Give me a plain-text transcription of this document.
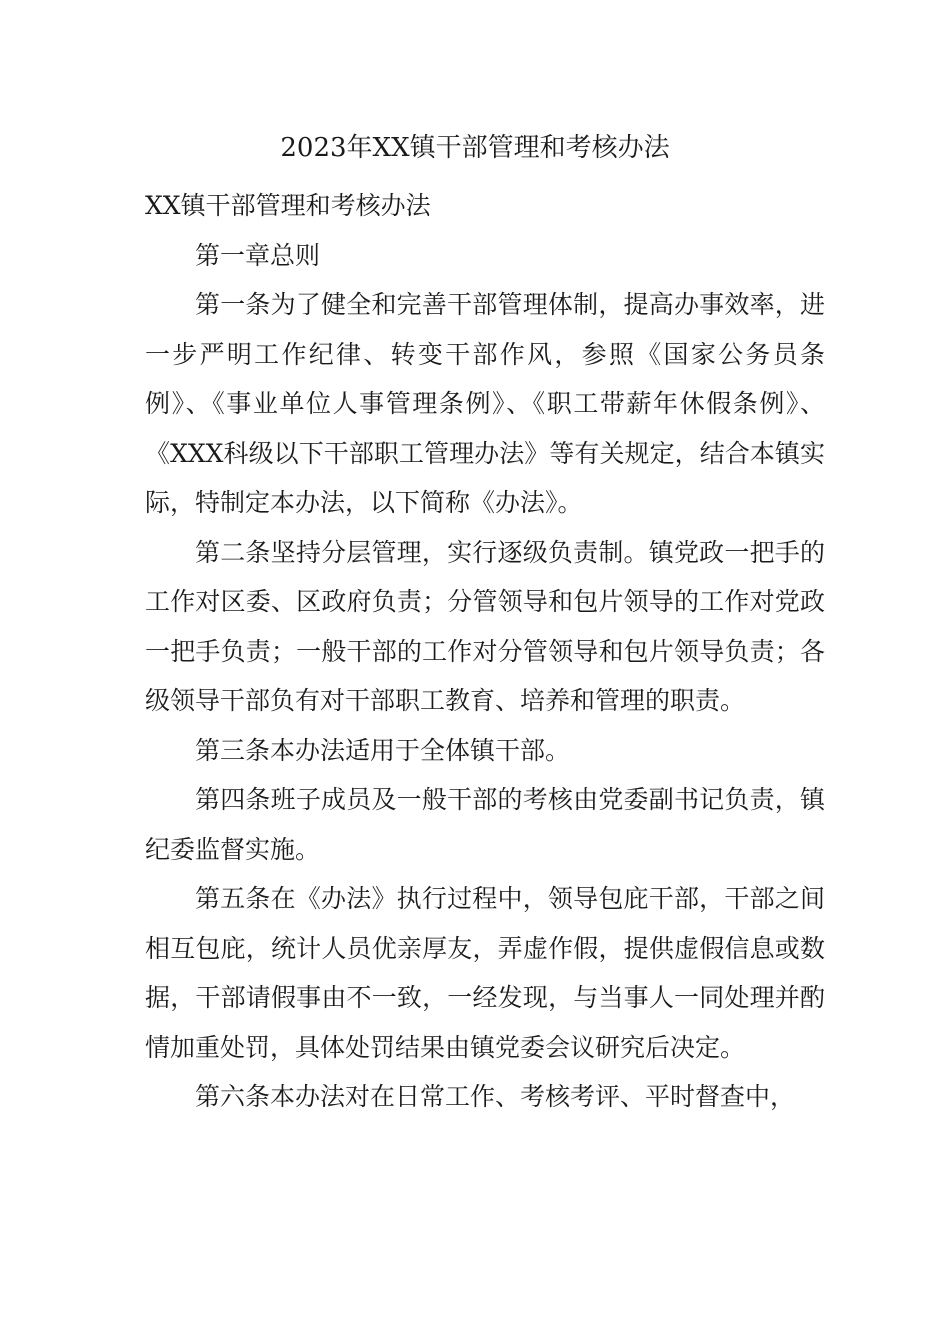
2023年XX镇干部管理和考核办法

XX镇干部管理和考核办法

第一章总则

第一条为了健全和完善干部管理体制，提高办事效率，进一步严明工作纪律、转变干部作风，参照《国家公务员条例》、《事业单位人事管理条例》、《职工带薪年休假条例》、《XXX科级以下干部职工管理办法》等有关规定，结合本镇实际，特制定本办法，以下简称《办法》。

第二条坚持分层管理，实行逐级负责制。镇党政一把手的工作对区委、区政府负责；分管领导和包片领导的工作对党政一把手负责；一般干部的工作对分管领导和包片领导负责；各级领导干部负有对干部职工教育、培养和管理的职责。

第三条本办法适用于全体镇干部。

第四条班子成员及一般干部的考核由党委副书记负责，镇纪委监督实施。

第五条在《办法》执行过程中，领导包庇干部，干部之间相互包庇，统计人员优亲厚友，弄虚作假，提供虚假信息或数据，干部请假事由不一致，一经发现，与当事人一同处理并酌情加重处罚，具体处罚结果由镇党委会议研究后决定。

第六条本办法对在日常工作、考核考评、平时督查中，
